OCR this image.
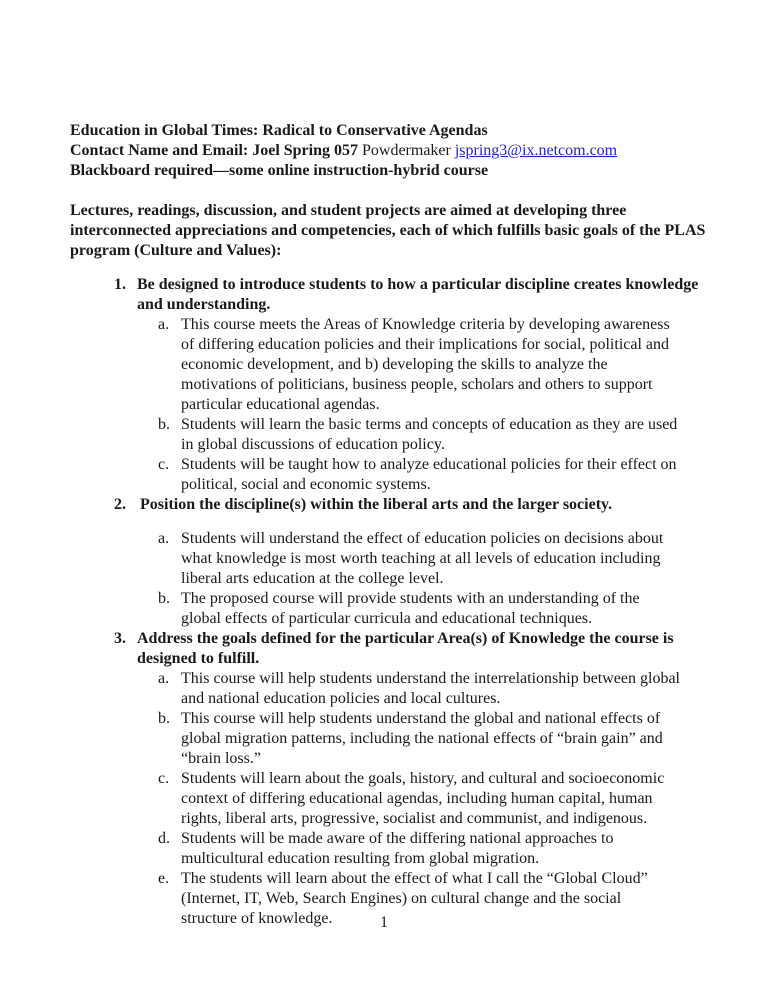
Education in Global Times: Radical to Conservative Agendas

Contact Name and Email: Joel Spring 057 Powdermaker jspring3@ix.netcom.com

Blackboard required—some online instruction-hybrid course

Lectures, readings, discussion, and student projects are aimed at developing three interconnected appreciations and competencies, each of which fulfills basic goals of the PLAS program (Culture and Values):

1. Be designed to introduce students to how a particular discipline creates knowledge and understanding.
a. This course meets the Areas of Knowledge criteria by developing awareness of differing education policies and their implications for social, political and economic development, and b) developing the skills to analyze the motivations of politicians, business people, scholars and others to support particular educational agendas.
b. Students will learn the basic terms and concepts of education as they are used in global discussions of education policy.
c. Students will be taught how to analyze educational policies for their effect on political, social and economic systems.
2. Position the discipline(s) within the liberal arts and the larger society.
a. Students will understand the effect of education policies on decisions about what knowledge is most worth teaching at all levels of education including liberal arts education at the college level.
b. The proposed course will provide students with an understanding of the global effects of particular curricula and educational techniques.
3. Address the goals defined for the particular Area(s) of Knowledge the course is designed to fulfill.
a. This course will help students understand the interrelationship between global and national education policies and local cultures.
b. This course will help students understand the global and national effects of global migration patterns, including the national effects of “brain gain” and “brain loss.”
c. Students will learn about the goals, history, and cultural and socioeconomic context of differing educational agendas, including human capital, human rights, liberal arts, progressive, socialist and communist, and indigenous.
d. Students will be made aware of the differing national approaches to multicultural education resulting from global migration.
e. The students will learn about the effect of what I call the “Global Cloud” (Internet, IT, Web, Search Engines) on cultural change and the social structure of knowledge.	1
